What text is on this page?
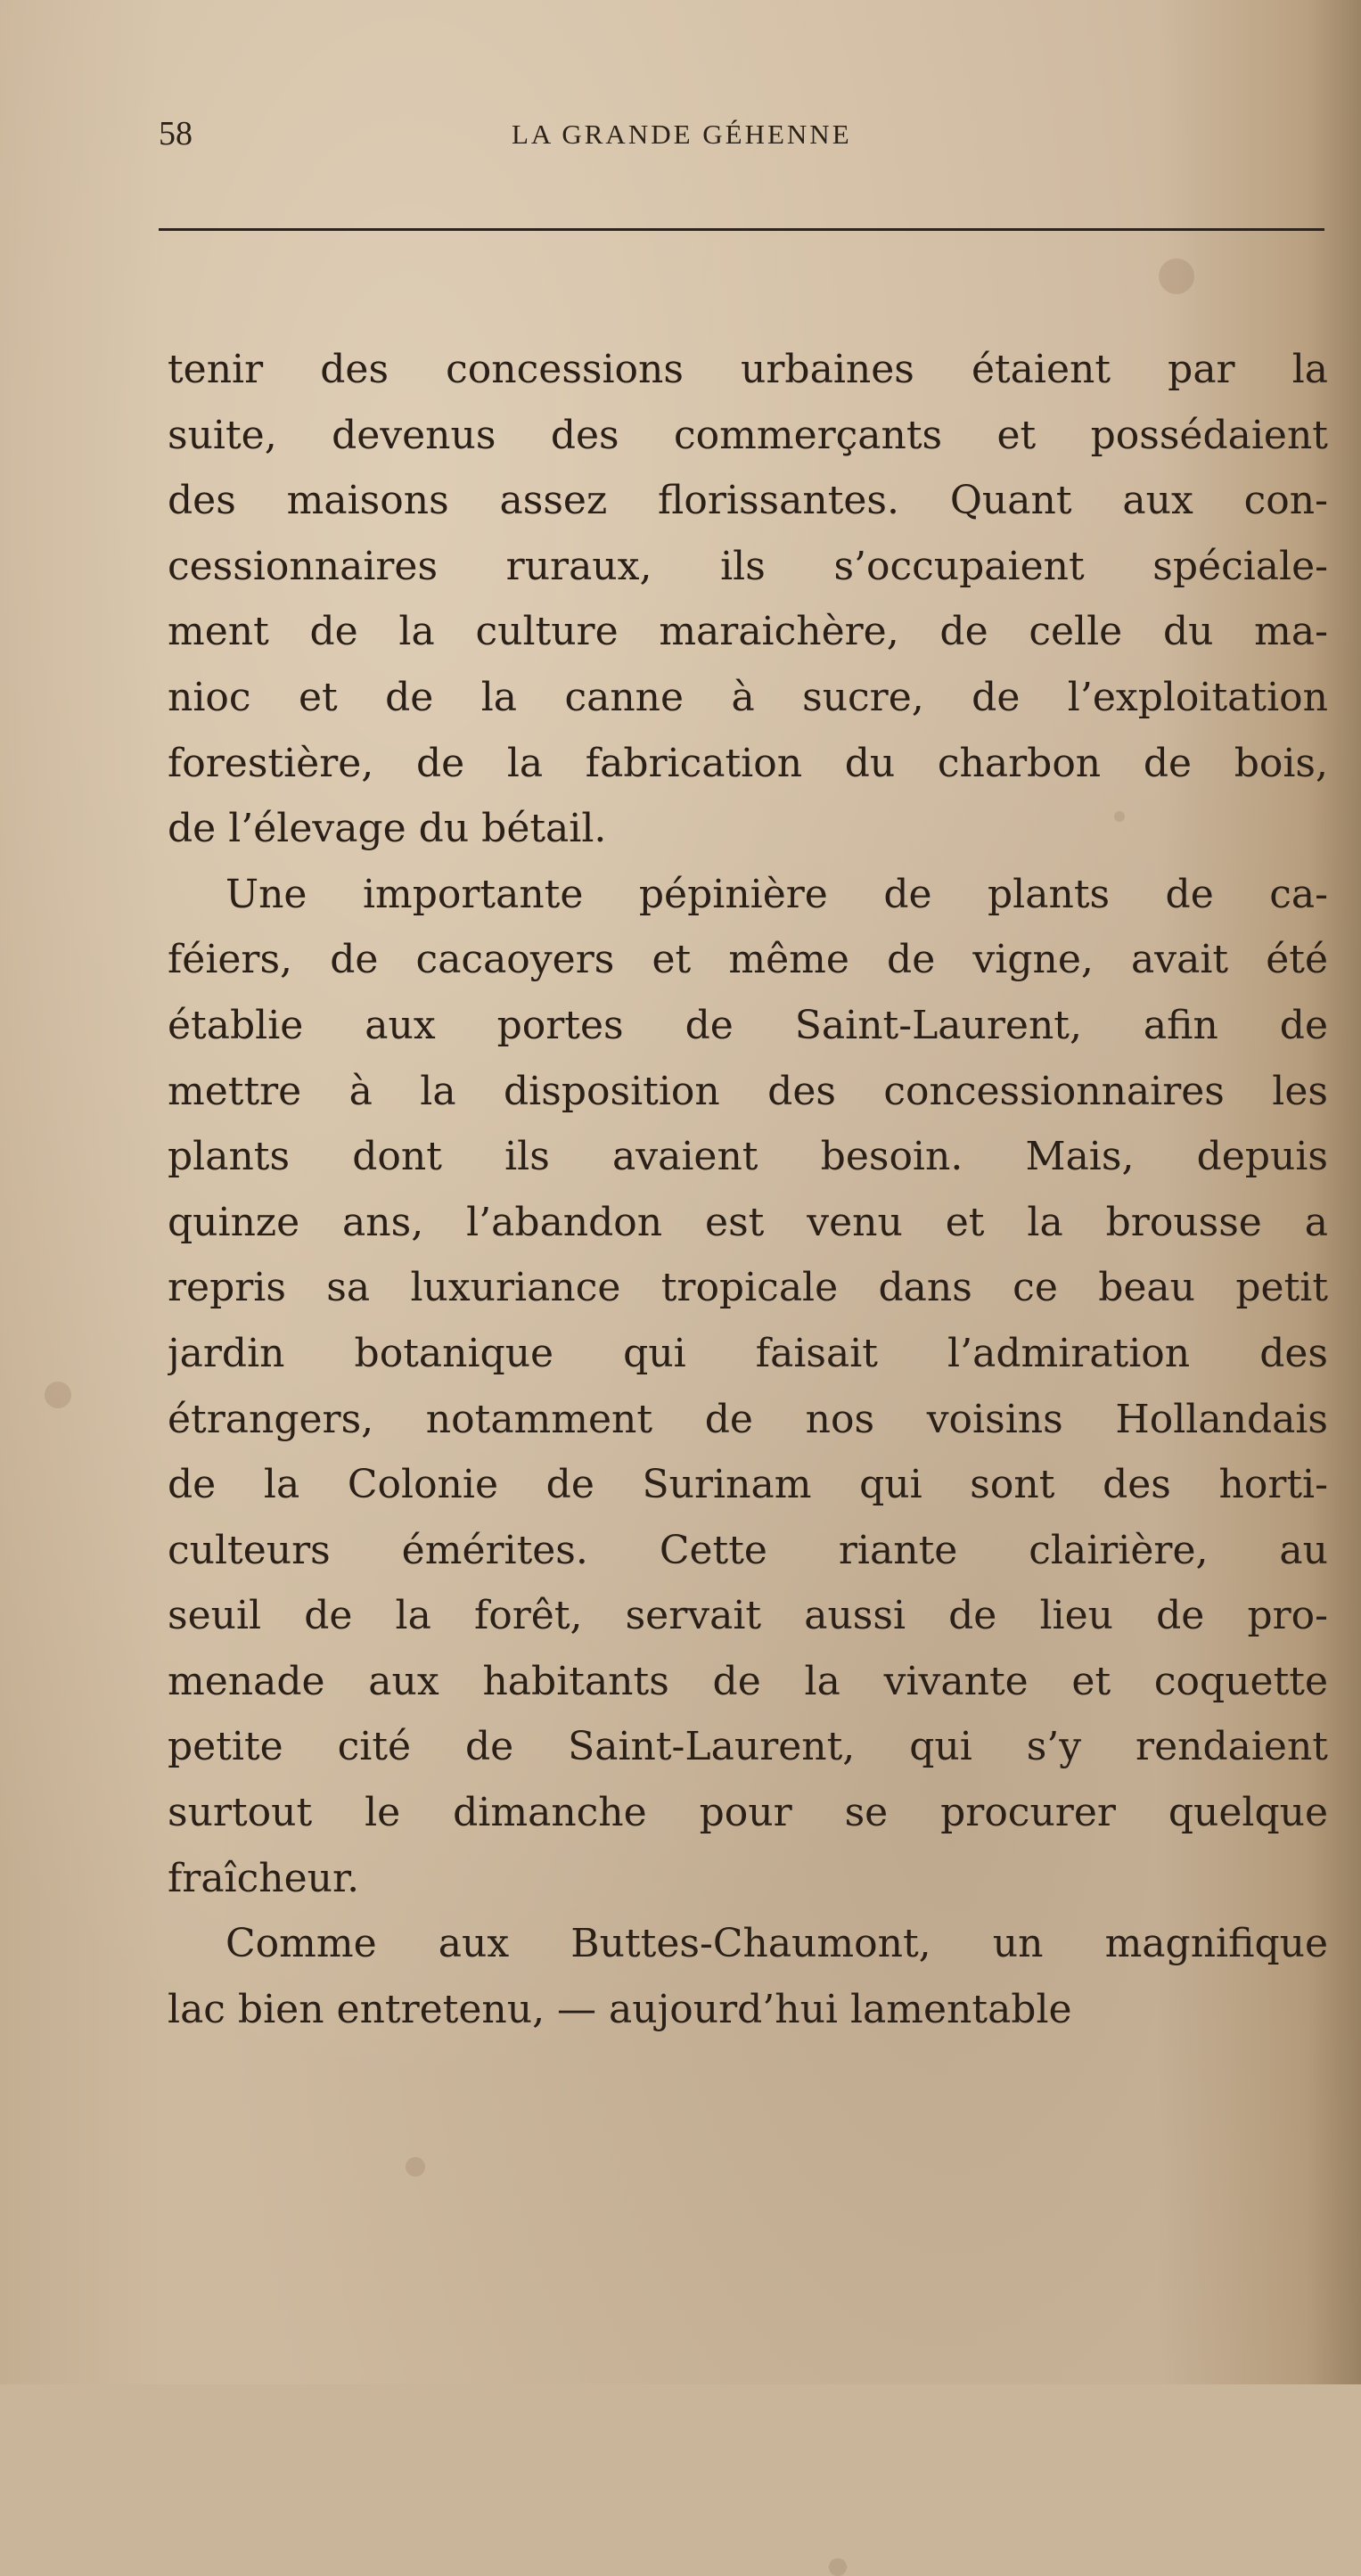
58	LA GRANDE GÉHENNE
tenir des concessions urbaines étaient par la
suite, devenus des commerçants et possédaient
des maisons assez florissantes. Quant aux con-
cessionnaires ruraux, ils s’occupaient spéciale-
ment de la culture maraichère, de celle du ma-
nioc et de la canne à sucre, de l’exploitation
forestière, de la fabrication du charbon de bois,
de l’élevage du bétail.
Une importante pépinière de plants de ca-
féiers, de cacaoyers et même de vigne, avait été
établie aux portes de Saint-Laurent, afin de
mettre à la disposition des concessionnaires les
plants dont ils avaient besoin. Mais, depuis
quinze ans, l’abandon est venu et la brousse a
repris sa luxuriance tropicale dans ce beau petit
jardin botanique qui faisait l’admiration des
étrangers, notamment de nos voisins Hollandais
de la Colonie de Surinam qui sont des horti-
culteurs émérites. Cette riante clairière, au
seuil de la forêt, servait aussi de lieu de pro-
menade aux habitants de la vivante et coquette
petite cité de Saint-Laurent, qui s’y rendaient
surtout le dimanche pour se procurer quelque
fraîcheur.
Comme aux Buttes-Chaumont, un magnifique
lac bien entretenu, — aujourd’hui lamentable
